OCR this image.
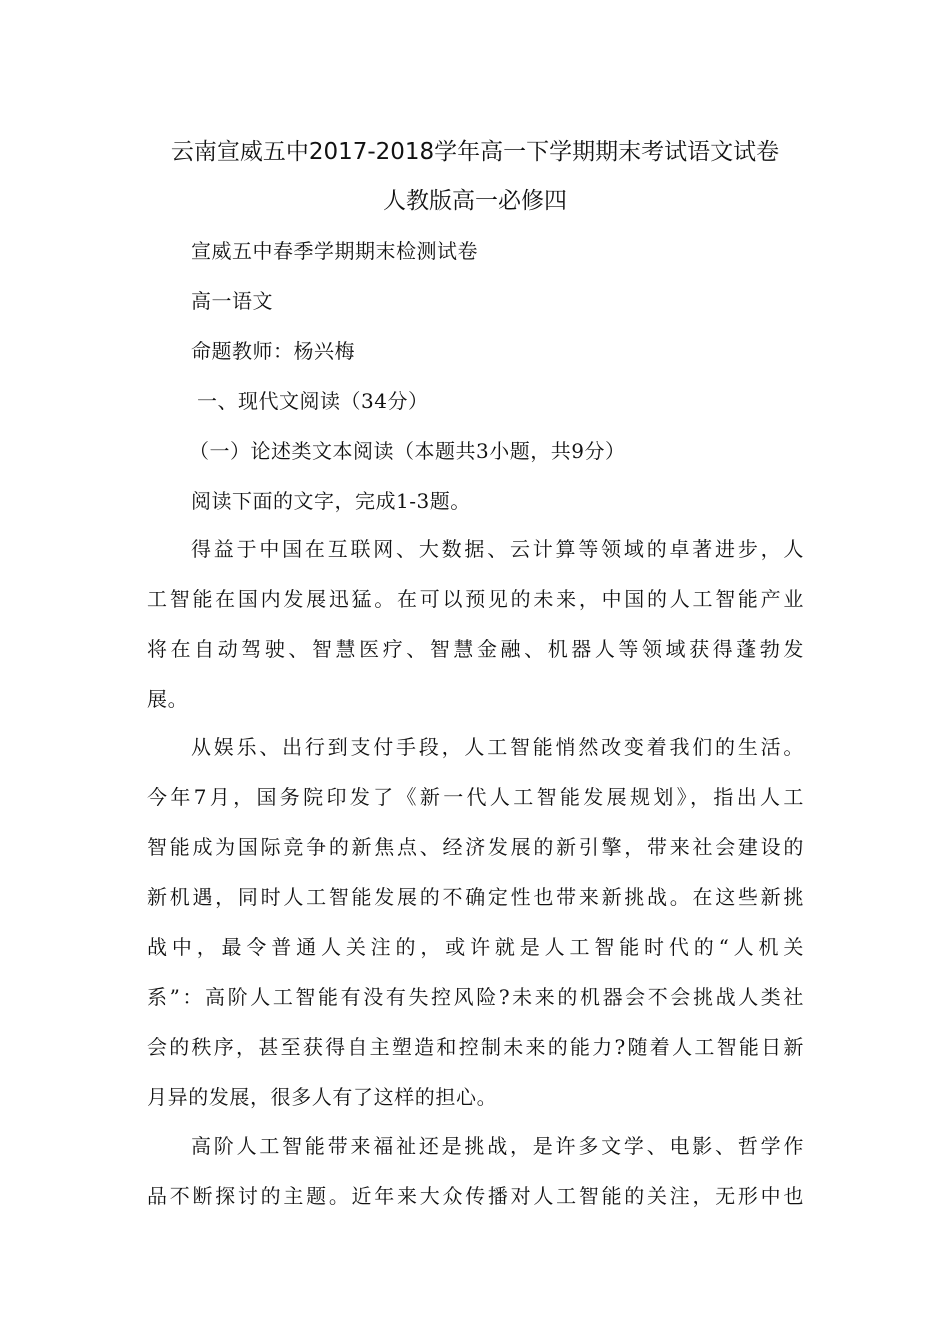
云南宣威五中2017-2018学年高一下学期期末考试语文试卷
人教版高一必修四
宣威五中春季学期期末检测试卷
高一语文
命题教师：杨兴梅
一、现代文阅读（34分）
（一）论述类文本阅读（本题共3小题，共9分）
阅读下面的文字，完成1-3题。
得益于中国在互联网、大数据、云计算等领域的卓著进步，人
工智能在国内发展迅猛。在可以预见的未来，中国的人工智能产业
将在自动驾驶、智慧医疗、智慧金融、机器人等领域获得蓬勃发
展。
从娱乐、出行到支付手段，人工智能悄然改变着我们的生活。
今年7月，国务院印发了《新一代人工智能发展规划》，指出人工
智能成为国际竞争的新焦点、经济发展的新引擎，带来社会建设的
新机遇，同时人工智能发展的不确定性也带来新挑战。在这些新挑
战中，最令普通人关注的，或许就是人工智能时代的“人机关
系”：高阶人工智能有没有失控风险?未来的机器会不会挑战人类社
会的秩序，甚至获得自主塑造和控制未来的能力?随着人工智能日新
月异的发展，很多人有了这样的担心。
高阶人工智能带来福祉还是挑战，是许多文学、电影、哲学作
品不断探讨的主题。近年来大众传播对人工智能的关注，无形中也
